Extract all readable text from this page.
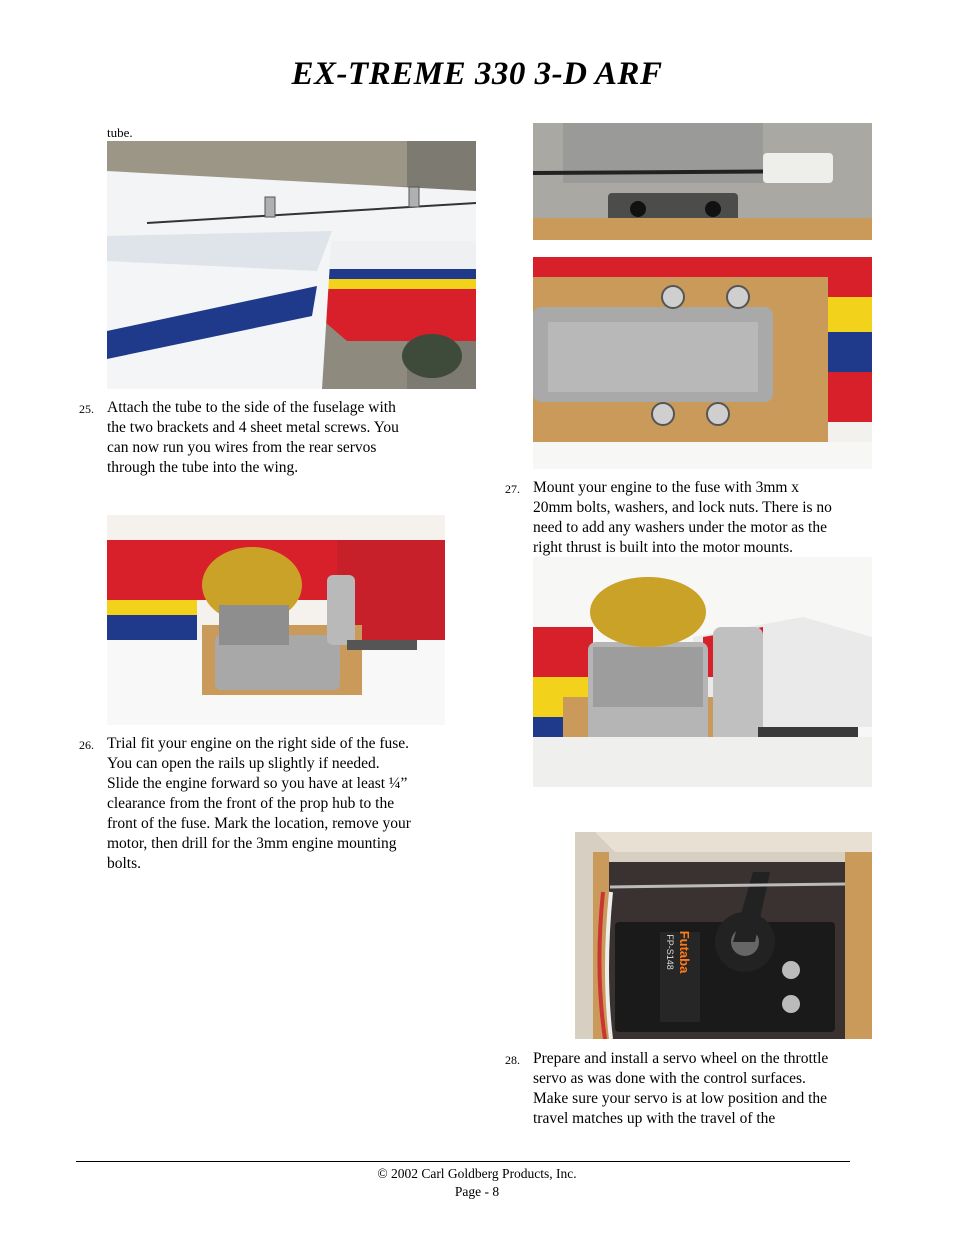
EX-TREME 330 3-D ARF
tube.
25. Attach the tube to the side of the fuselage with
the two brackets and 4 sheet metal screws. You
can now run you wires from the rear servos
through the tube into the wing.
26. Trial fit your engine on the right side of the fuse.
You can open the rails up slightly if needed.
Slide the engine forward so you have at least ¼”
clearance from the front of the prop hub to the
front of the fuse. Mark the location, remove your
motor, then drill for the 3mm engine mounting
bolts.
27. Mount your engine to the fuse with 3mm x
20mm bolts, washers, and lock nuts. There is no
need to add any washers under the motor as the
right thrust is built into the motor mounts.
Futaba
FP-S148
28. Prepare and install a servo wheel on the throttle
servo as was done with the control surfaces.
Make sure your servo is at low position and the
travel matches up with the travel of the
© 2002 Carl Goldberg Products, Inc.
Page - 8
